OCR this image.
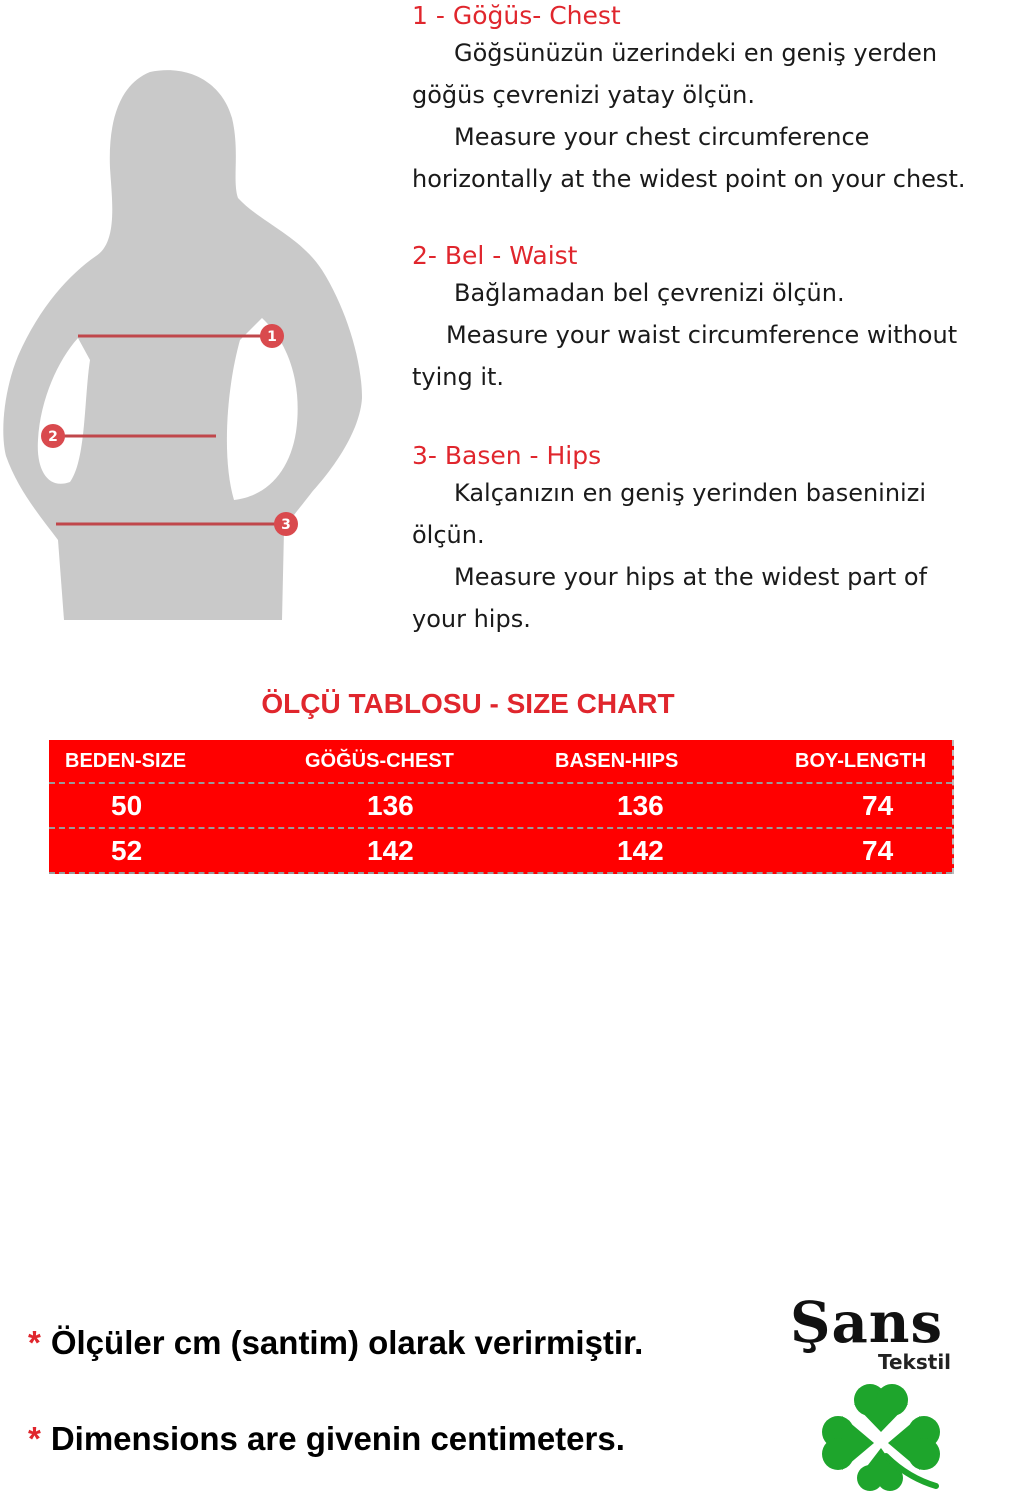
1
2
3

1 - Göğüs- Chest

Göğsünüzün üzerindeki en geniş yerden

göğüs çevrenizi yatay ölçün.

Measure your chest circumference

horizontally at the widest point on your chest.

2- Bel - Waist

Bağlamadan bel çevrenizi ölçün.

Measure your waist circumference without

tying it.

3- Basen - Hips

Kalçanızın en geniş yerinden baseninizi

ölçün.

Measure your hips at the widest part of

your hips.

ÖLÇÜ TABLOSU - SIZE CHART
BEDEN-SIZE	GÖĞÜS-CHEST	BASEN-HIPS	BOY-LENGTH
50	136	136	74
52	142	142	74
* Ölçüler cm (santim) olarak verirmiştir.
* Dimensions are givenin centimeters.
Şans
Tekstil
